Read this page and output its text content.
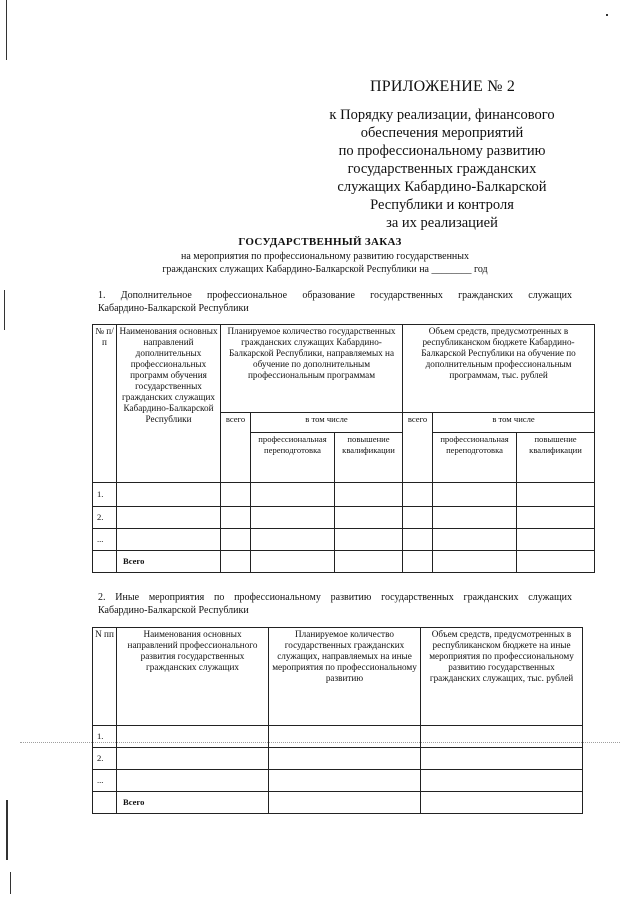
ПРИЛОЖЕНИЕ № 2
к Порядку реализации, финансового
обеспечения мероприятий
по профессиональному развитию
государственных гражданских
служащих Кабардино-Балкарской
Республики и контроля
за их реализацией
ГОСУДАРСТВЕННЫЙ ЗАКАЗ
на мероприятия по профессиональному развитию государственных
гражданских служащих Кабардино-Балкарской Республики на ________ год
1. Дополнительное профессиональное образование государственных гражданских служащих
Кабардино-Балкарской Республики
№ п/п	Наименования основных направлений дополнительных профессиональных программ обучения государственных гражданских служащих Кабардино-Балкарской Республики	Планируемое количество государственных гражданских служащих Кабардино-Балкарской Республики, направляемых на обучение по дополнительным профессиональным программам			Объем средств, предусмотренных в республиканском бюджете Кабардино-Балкарской Республики на обучение по дополнительным профессиональным программам, тыс. рублей		
		всего	в том числе		всего	в том числе	
			профессиональная переподготовка	повышение квалификации		профессиональная переподготовка	повышение квалификации
1.							
2.							
...							
	Всего						
2. Иные мероприятия по профессиональному развитию государственных гражданских служащих
Кабардино-Балкарской Республики
N пп	Наименования основных направлений профессионального развития государственных гражданских служащих	Планируемое количество государственных гражданских служащих, направляемых на иные мероприятия по профессиональному развитию	Объем средств, предусмотренных в республиканском бюджете на иные мероприятия по профессиональному развитию государственных гражданских служащих, тыс. рублей
1.			
2.			
...			
	Всего		
